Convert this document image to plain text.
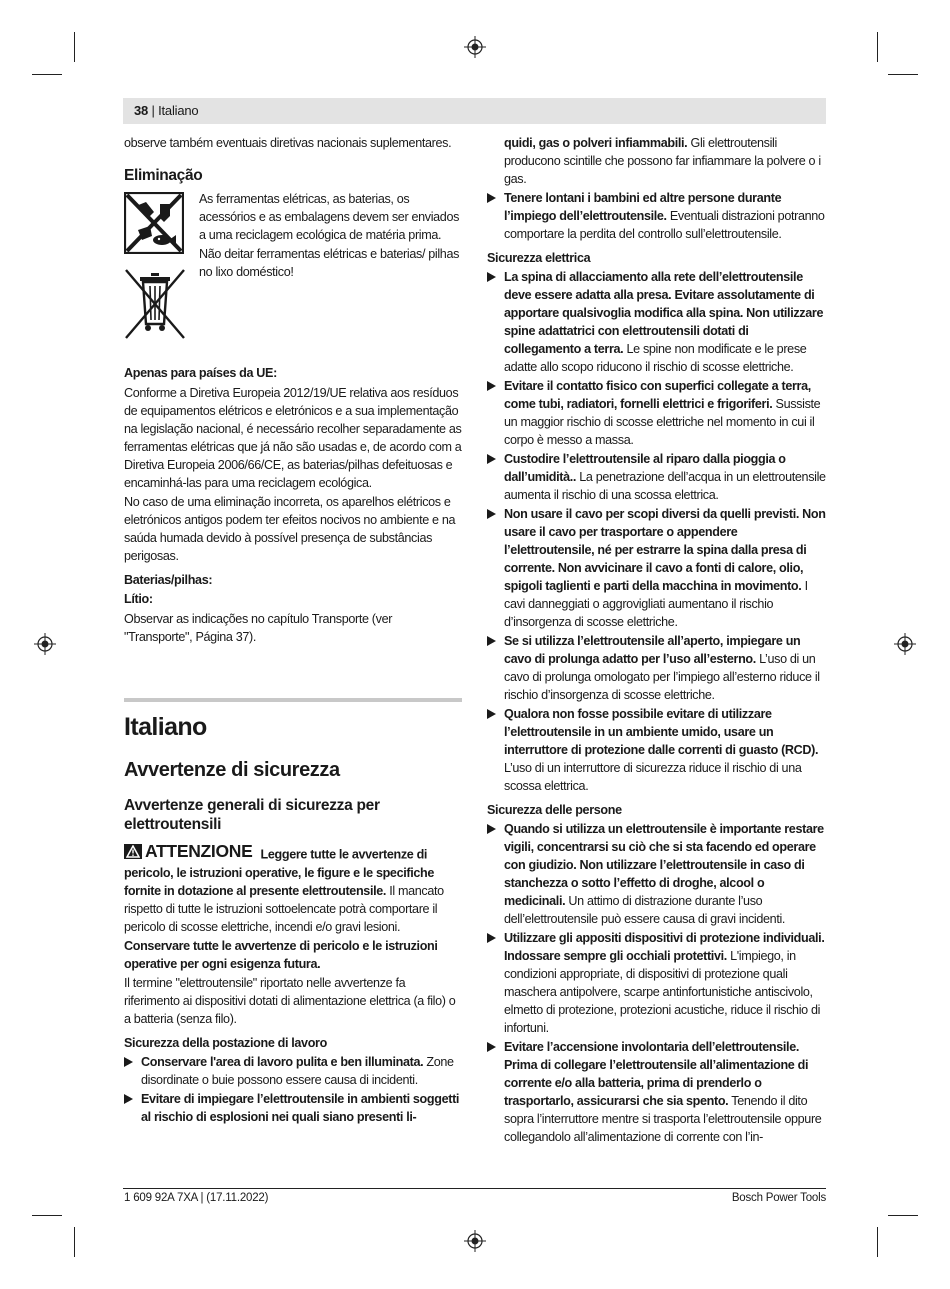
38 | Italiano

observe também eventuais diretivas nacionais suplementares.

Eliminação

As ferramentas elétricas, as baterias, os acessórios e as embalagens devem ser enviados a uma reciclagem ecológica de matéria prima.

Não deitar ferramentas elétricas e baterias/ pilhas no lixo doméstico!

Apenas para países da UE:

Conforme a Diretiva Europeia 2012/19/UE relativa aos resíduos de equipamentos elétricos e eletrónicos e a sua implementação na legislação nacional, é necessário recolher separadamente as ferramentas elétricas que já não são usadas e, de acordo com a Diretiva Europeia 2006/66/CE, as baterias/pilhas defeituosas e encaminhá-las para uma reciclagem ecológica.

No caso de uma eliminação incorreta, os aparelhos elétricos e eletrónicos antigos podem ter efeitos nocivos no ambiente e na saúda humada devido à possível presença de substâncias perigosas.

Baterias/pilhas:

Lítio:

Observar as indicações no capítulo Transporte (ver "Transporte", Página 37).

Italiano

Avvertenze di sicurezza

Avvertenze generali di sicurezza per elettroutensili

ATTENZIONE Leggere tutte le avvertenze di pericolo, le istruzioni operative, le figure e le specifiche fornite in dotazione al presente elettroutensile. Il mancato rispetto di tutte le istruzioni sottoelencate potrà comportare il pericolo di scosse elettriche, incendi e/o gravi lesioni.

Conservare tutte le avvertenze di pericolo e le istruzioni operative per ogni esigenza futura.

Il termine "elettroutensile" riportato nelle avvertenze fa riferimento ai dispositivi dotati di alimentazione elettrica (a filo) o a batteria (senza filo).

Sicurezza della postazione di lavoro

Conservare l'area di lavoro pulita e ben illuminata. Zone disordinate o buie possono essere causa di incidenti.
Evitare di impiegare l’elettroutensile in ambienti soggetti al rischio di esplosioni nei quali siano presenti li-
quidi, gas o polveri infiammabili. Gli elettroutensili producono scintille che possono far infiammare la polvere o i gas.
Tenere lontani i bambini ed altre persone durante l’impiego dell’elettroutensile. Eventuali distrazioni potranno comportare la perdita del controllo sull’elettroutensile.

Sicurezza elettrica

La spina di allacciamento alla rete dell’elettroutensile deve essere adatta alla presa. Evitare assolutamente di apportare qualsivoglia modifica alla spina. Non utilizzare spine adattatrici con elettroutensili dotati di collegamento a terra. Le spine non modificate e le prese adatte allo scopo riducono il rischio di scosse elettriche.
Evitare il contatto fisico con superfici collegate a terra, come tubi, radiatori, fornelli elettrici e frigoriferi. Sussiste un maggior rischio di scosse elettriche nel momento in cui il corpo è messo a massa.
Custodire l’elettroutensile al riparo dalla pioggia o dall’umidità.. La penetrazione dell’acqua in un elettroutensile aumenta il rischio di una scossa elettrica.
Non usare il cavo per scopi diversi da quelli previsti. Non usare il cavo per trasportare o appendere l’elettroutensile, né per estrarre la spina dalla presa di corrente. Non avvicinare il cavo a fonti di calore, olio, spigoli taglienti e parti della macchina in movimento. I cavi danneggiati o aggrovigliati aumentano il rischio d’insorgenza di scosse elettriche.
Se si utilizza l’elettroutensile all’aperto, impiegare un cavo di prolunga adatto per l’uso all’esterno. L’uso di un cavo di prolunga omologato per l’impiego all’esterno riduce il rischio d’insorgenza di scosse elettriche.
Qualora non fosse possibile evitare di utilizzare l’elettroutensile in un ambiente umido, usare un interruttore di protezione dalle correnti di guasto (RCD). L’uso di un interruttore di sicurezza riduce il rischio di una scossa elettrica.

Sicurezza delle persone

Quando si utilizza un elettroutensile è importante restare vigili, concentrarsi su ciò che si sta facendo ed operare con giudizio. Non utilizzare l’elettroutensile in caso di stanchezza o sotto l’effetto di droghe, alcool o medicinali. Un attimo di distrazione durante l’uso dell’elettroutensile può essere causa di gravi incidenti.
Utilizzare gli appositi dispositivi di protezione individuali. Indossare sempre gli occhiali protettivi. L'impiego, in condizioni appropriate, di dispositivi di protezione quali maschera antipolvere, scarpe antinfortunistiche antiscivolo, elmetto di protezione, protezioni acustiche, riduce il rischio di infortuni.
Evitare l’accensione involontaria dell’elettroutensile. Prima di collegare l’elettroutensile all’alimentazione di corrente e/o alla batteria, prima di prenderlo o trasportarlo, assicurarsi che sia spento. Tenendo il dito sopra l’interruttore mentre si trasporta l’elettroutensile oppure collegandolo all’alimentazione di corrente con l’in-
1 609 92A 7XA | (17.11.2022)	Bosch Power Tools
